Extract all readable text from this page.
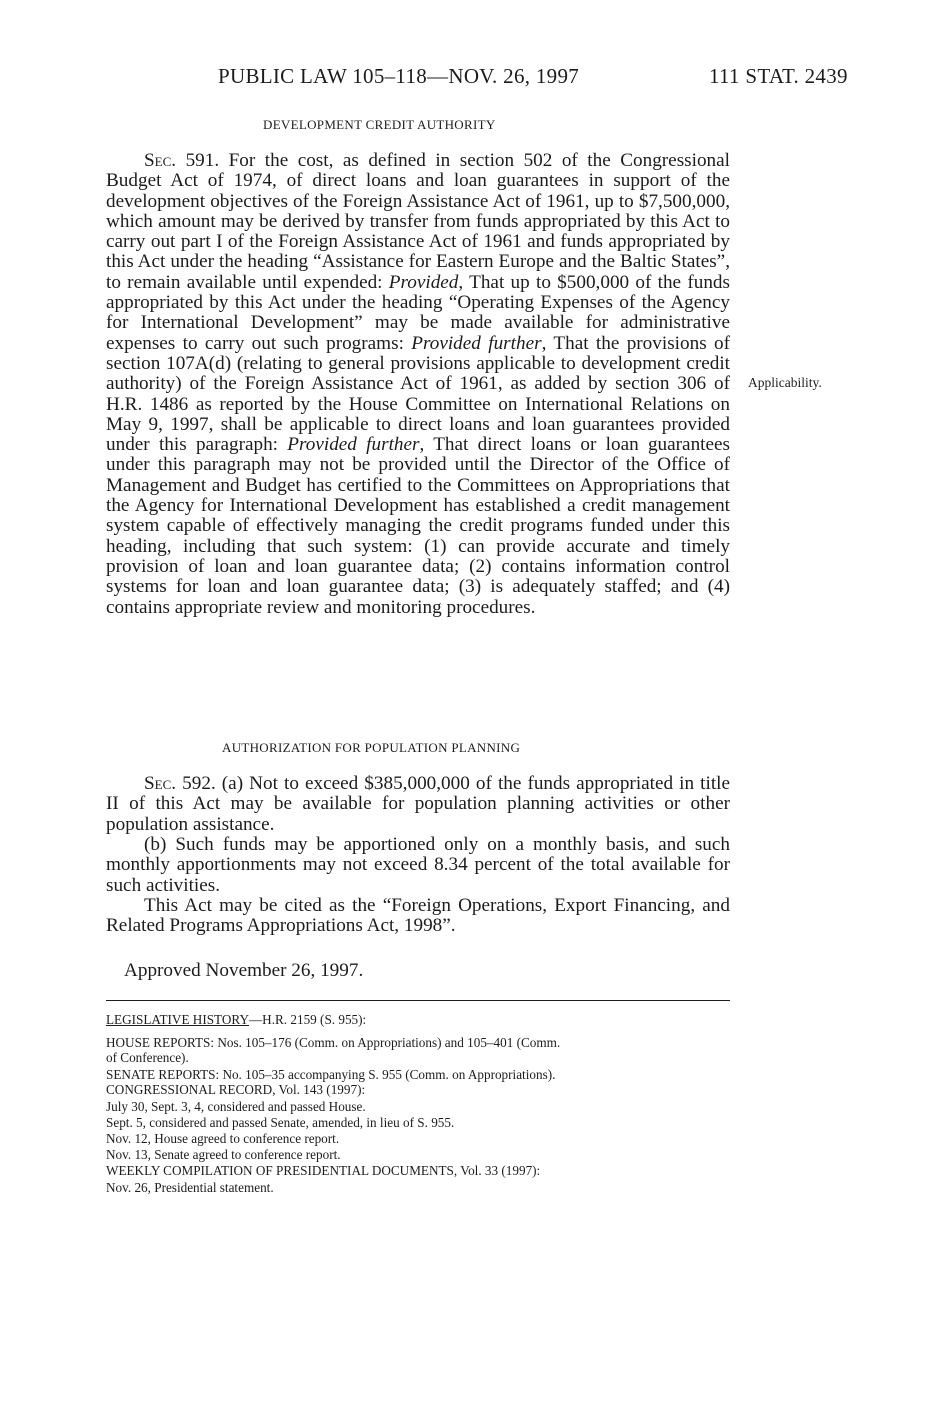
PUBLIC LAW 105–118—NOV. 26, 1997	111 STAT. 2439
DEVELOPMENT CREDIT AUTHORITY

Sec. 591. For the cost, as defined in section 502 of the Congressional Budget Act of 1974, of direct loans and loan guarantees in support of the development objectives of the Foreign Assistance Act of 1961, up to $7,500,000, which amount may be derived by transfer from funds appropriated by this Act to carry out part I of the Foreign Assistance Act of 1961 and funds appropriated by this Act under the heading “Assistance for Eastern Europe and the Baltic States”, to remain available until expended: Provided, That up to $500,000 of the funds appropriated by this Act under the heading “Operating Expenses of the Agency for International Development” may be made available for administrative expenses to carry out such programs: Provided further, That the provisions of section 107A(d) (relating to general provisions applicable to development credit authority) of the Foreign Assistance Act of 1961, as added by section 306 of H.R. 1486 as reported by the House Committee on International Relations on May 9, 1997, shall be applicable to direct loans and loan guarantees provided under this paragraph: Provided further, That direct loans or loan guarantees under this paragraph may not be provided until the Director of the Office of Management and Budget has certified to the Committees on Appropriations that the Agency for International Development has established a credit management system capable of effectively managing the credit programs funded under this heading, including that such system: (1) can provide accurate and timely provision of loan and loan guarantee data; (2) contains information control systems for loan and loan guarantee data; (3) is adequately staffed; and (4) contains appropriate review and monitoring procedures.

Applicability.
AUTHORIZATION FOR POPULATION PLANNING

Sec. 592. (a) Not to exceed $385,000,000 of the funds appropriated in title II of this Act may be available for population planning activities or other population assistance.

(b) Such funds may be apportioned only on a monthly basis, and such monthly apportionments may not exceed 8.34 percent of the total available for such activities.

This Act may be cited as the “Foreign Operations, Export Financing, and Related Programs Appropriations Act, 1998”.

Approved November 26, 1997.
LEGISLATIVE HISTORY—H.R. 2159 (S. 955):
HOUSE REPORTS: Nos. 105–176 (Comm. on Appropriations) and 105–401 (Comm.
of Conference).
SENATE REPORTS: No. 105–35 accompanying S. 955 (Comm. on Appropriations).
CONGRESSIONAL RECORD, Vol. 143 (1997):
July 30, Sept. 3, 4, considered and passed House.
Sept. 5, considered and passed Senate, amended, in lieu of S. 955.
Nov. 12, House agreed to conference report.
Nov. 13, Senate agreed to conference report.
WEEKLY COMPILATION OF PRESIDENTIAL DOCUMENTS, Vol. 33 (1997):
Nov. 26, Presidential statement.
